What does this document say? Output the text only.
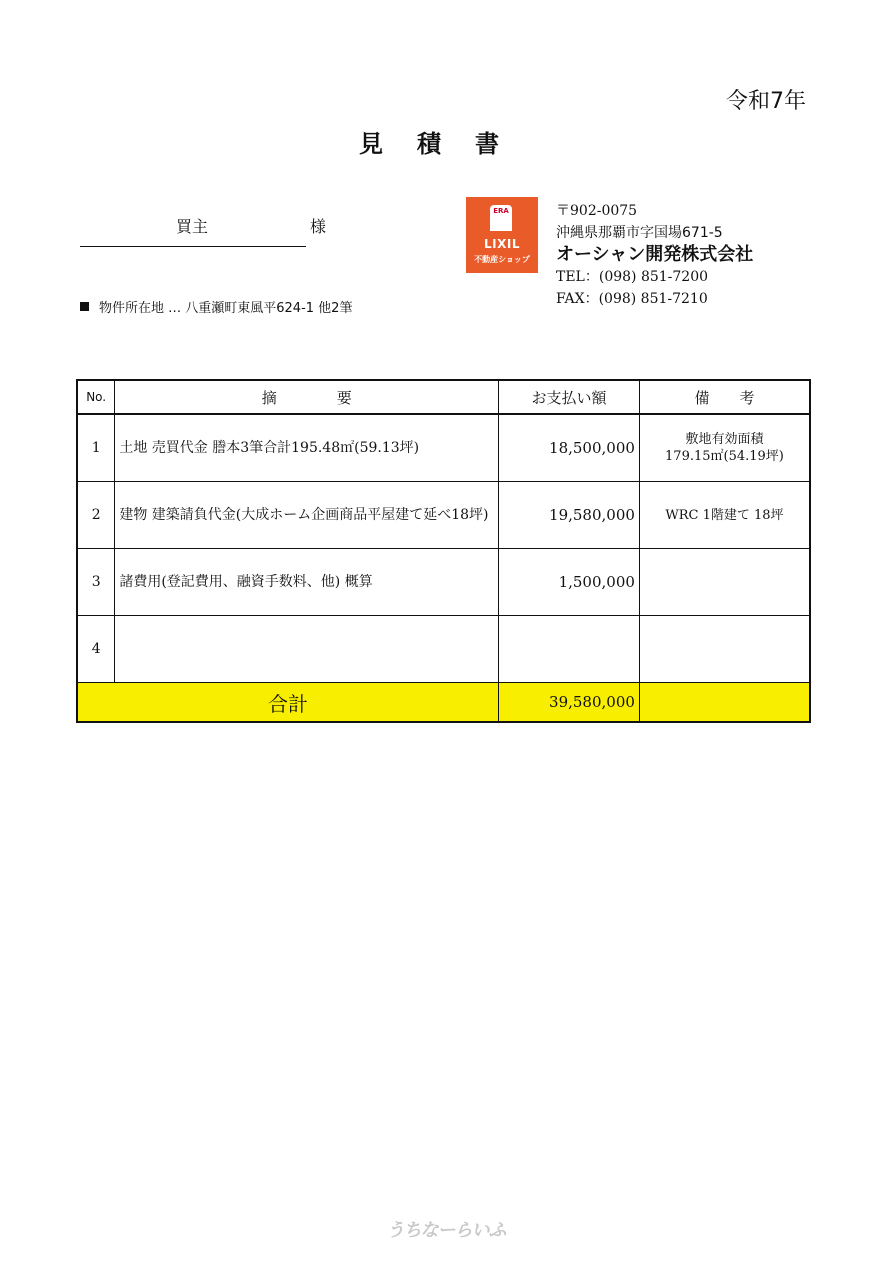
令和7年
見積書
買主	様
物件所在地 … 八重瀬町東風平624-1 他2筆
ERA
LIXIL
不動産ショップ
〒902-0075
沖縄県那覇市字国場671-5
オーシャン開発株式会社
TEL：(098) 851-7200
FAX：(098) 851-7210
No.	摘要	お支払い額	備考
1	土地 売買代金 謄本3筆合計195.48㎡(59.13坪)	18,500,000	敷地有効面積
179.15㎡(54.19坪)

2	建物 建築請負代金(大成ホーム企画商品平屋建て延べ18坪)	19,580,000	WRC 1階建て 18坪

3	諸費用(登記費用、融資手数料、他) 概算	1,500,000	

4			

合計		39,580,000	
うちなーらいふ
